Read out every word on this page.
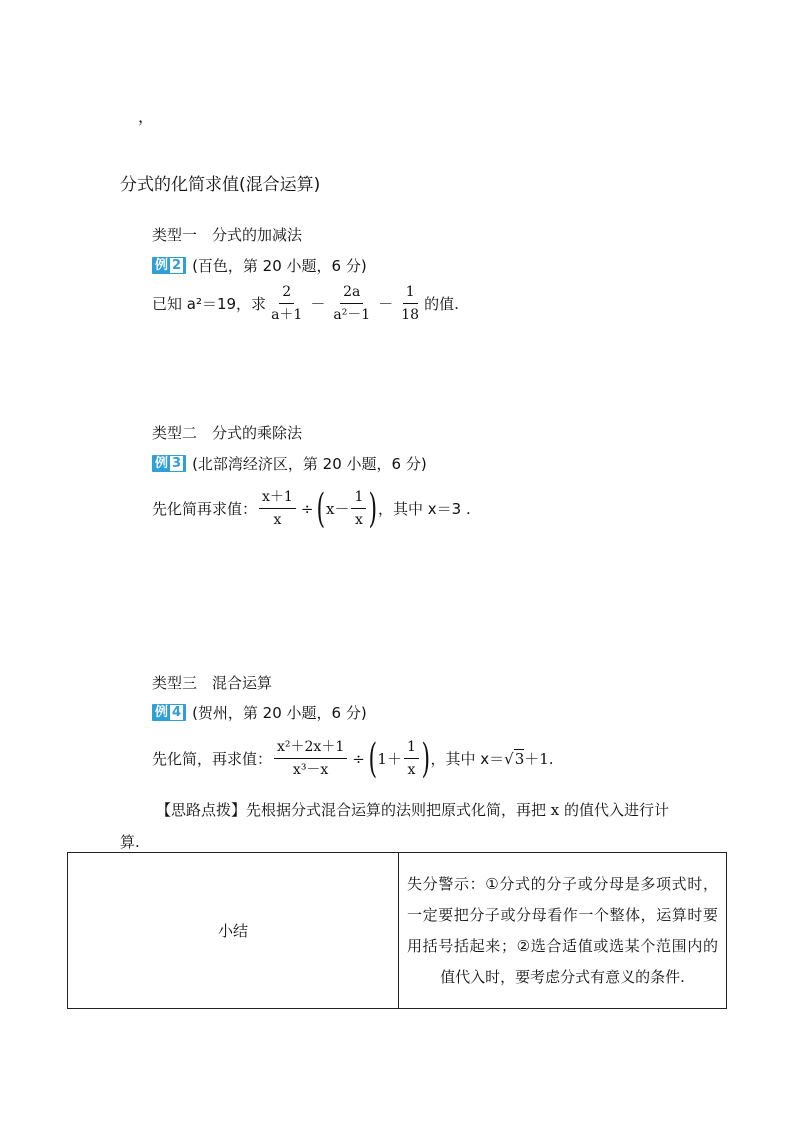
，
分式的化简求值(混合运算)
类型一　分式的加减法
例 2 (百色，第 20 小题，6 分)
已知 a²＝19，求 $\frac{2}{a+1} - \frac{2a}{\text{a²－1}} - \frac{1}{18}$ 的值.
类型二　分式的乘除法
例 3 (北部湾经济区，第 20 小题，6 分)
先化简再求值： $\frac{x+1}{x}$ ÷ ( $x- \frac{1}{x}$ ) ，其中 x＝3 .
类型三　混合运算
例 4 (贺州，第 20 小题，6 分)
先化简，再求值： $\frac{\text{x²＋2x＋1}}{\text{x³－x}}$ ÷ ( $1+ \frac{1}{x}$ ) ，其中 x＝ √3 ＋1.
【思路点拨】先根据分式混合运算的法则把原式化简，再把 x 的值代入进行计算.
小结	失分警示：①分式的分子或分母是多项式时，一定要把分子或分母看作一个整体，运算时要用括号括起来；②选合适值或选某个范围内的值代入时，要考虑分式有意义的条件.
